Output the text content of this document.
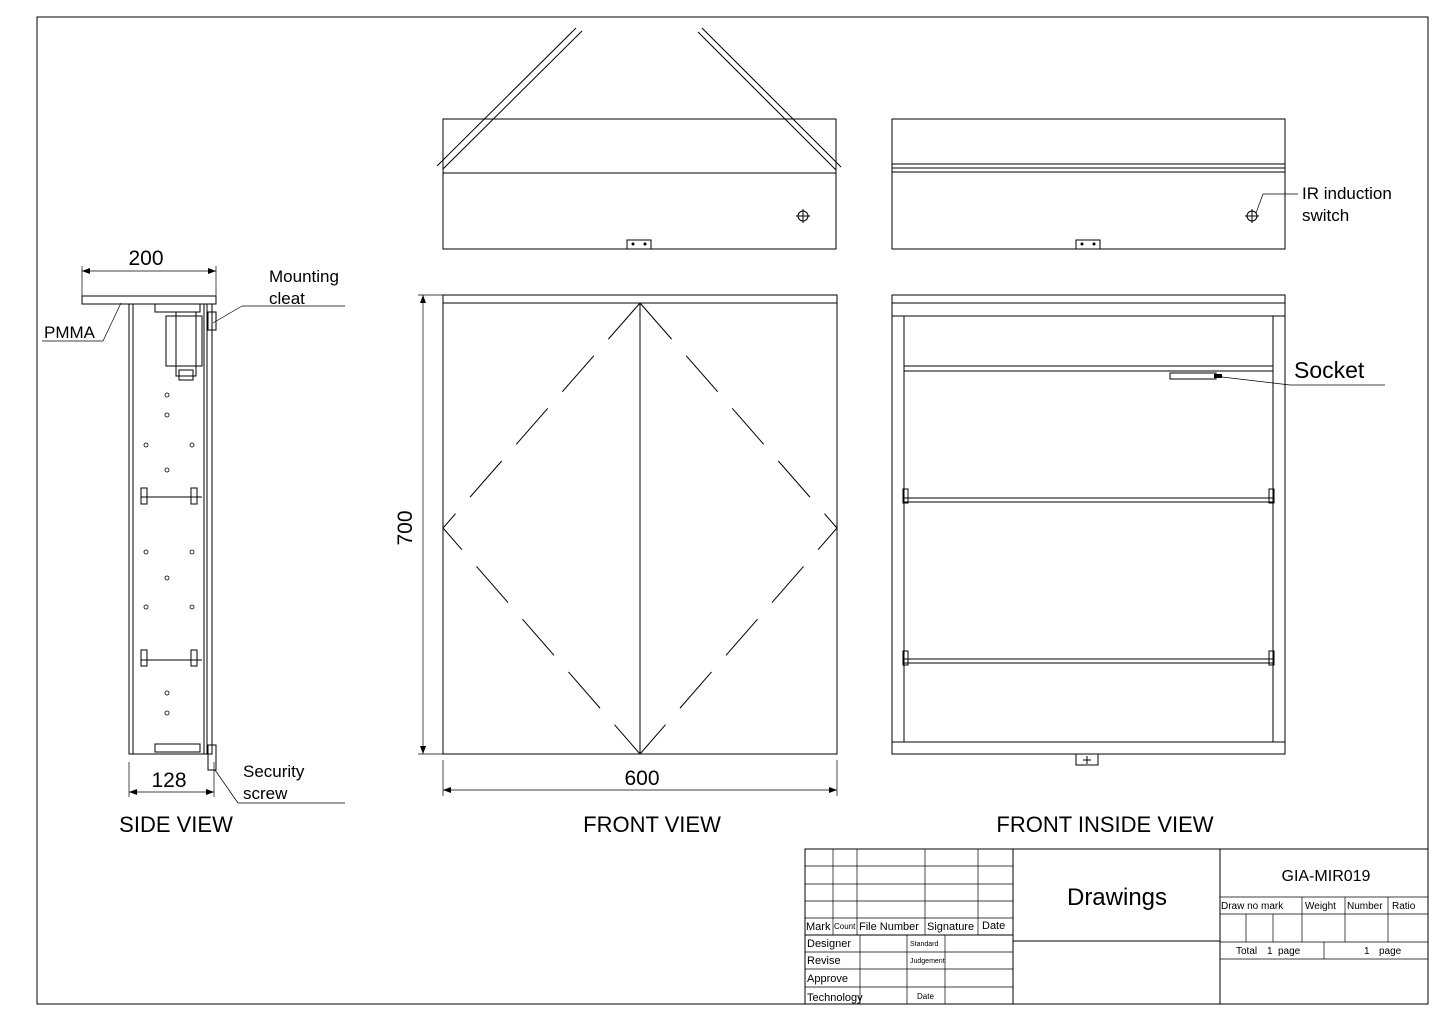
200
PMMA
Mounting
cleat
Security
screw
128
SIDE VIEW
700
600
FRONT VIEW
IR induction
switch
Socket
FRONT INSIDE VIEW
Mark Count File Number Signature Date
Designer
Revise
Approve
Technology
Standard
Judgement
Date
Drawings
GIA-MIR019
Draw no mark Weight Number Ratio
Total 1 page	1 page
